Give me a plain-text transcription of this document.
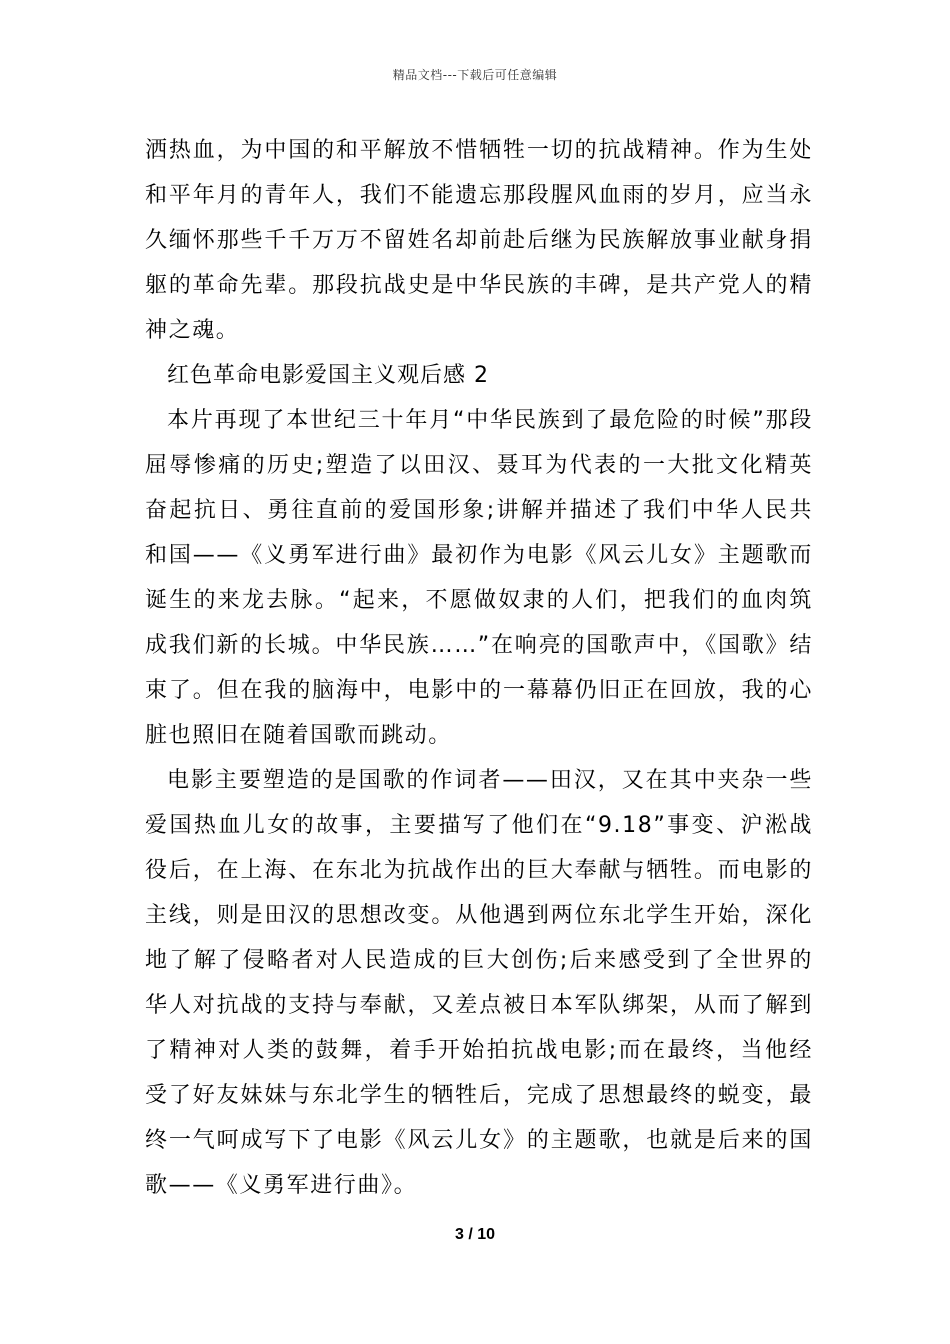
精品文档---下载后可任意编辑

洒热血，为中国的和平解放不惜牺牲一切的抗战精神。作为生处和平年月的青年人，我们不能遗忘那段腥风血雨的岁月，应当永久缅怀那些千千万万不留姓名却前赴后继为民族解放事业献身捐躯的革命先辈。那段抗战史是中华民族的丰碑，是共产党人的精神之魂。

红色革命电影爱国主义观后感 2

本片再现了本世纪三十年月“中华民族到了最危险的时候”那段屈辱惨痛的历史;塑造了以田汉、聂耳为代表的一大批文化精英奋起抗日、勇往直前的爱国形象;讲解并描述了我们中华人民共和国——《义勇军进行曲》最初作为电影《风云儿女》主题歌而诞生的来龙去脉。“起来，不愿做奴隶的人们，把我们的血肉筑成我们新的长城。中华民族……”在响亮的国歌声中，《国歌》结束了。但在我的脑海中，电影中的一幕幕仍旧正在回放，我的心脏也照旧在随着国歌而跳动。

电影主要塑造的是国歌的作词者——田汉，又在其中夹杂一些爱国热血儿女的故事，主要描写了他们在“9.18”事变、沪淞战役后，在上海、在东北为抗战作出的巨大奉献与牺牲。而电影的主线，则是田汉的思想改变。从他遇到两位东北学生开始，深化地了解了侵略者对人民造成的巨大创伤;后来感受到了全世界的华人对抗战的支持与奉献，又差点被日本军队绑架，从而了解到了精神对人类的鼓舞，着手开始拍抗战电影;而在最终，当他经受了好友妹妹与东北学生的牺牲后，完成了思想最终的蜕变，最终一气呵成写下了电影《风云儿女》的主题歌，也就是后来的国歌——《义勇军进行曲》。

3 / 10
